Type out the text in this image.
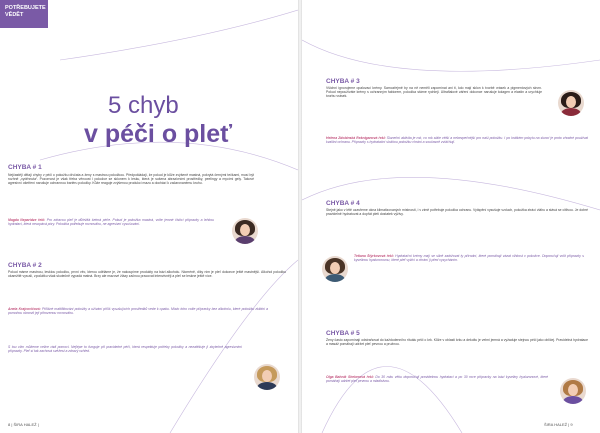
POTŘEBUJETE VĚDĚT
5 chyb
v péči o pleť
CHYBA # 1
Nejčastěji dělají chyby v péči o pokožku dívčata a ženy s mastnou pokožkou. Předpokládají, že pokud je kůže zvýšeně mastná, pokrytá černými tečkami, musí být rozhně „vydrhnuta“. Pozornost je však třeba věnovat i pokožce se sklonem k lesku, která je sušena abrazivními prostředky, peelingy a mycími gely. Takové agresivní ošetření narušuje ochrannou bariéru pokožky. Kůže reaguje zvýšenou produkcí mazu a dochází k začarovanému kruhu.
Magda Neparidze řekl: Pro zdravou pleť je důležitá šetrná péče. Pokud je pokožka mastná, volte jemné čisticí přípravky a lehkou hydrataci, která neucpává póry. Pokožka potřebuje rovnováhu, ne agresivní vysušování.
CHYBA # 2
Pokud máme mastnou, lesklou pokožku, první věc, kterou uděláme je, že nakoupíme produkty na bázi alkoholu. Nicméně, díky nim je pleť dokonce ještě mastnější. Alkohol pokožku okamžitě vysuší, zpočátku však skutečně vypadá matná. Brzy ale mazové žlázy začnou pracovat intenzivněji a pleť se leskne ještě více.
Aneta Krajcovičová: Přílišné mattifikování pokožky a užívání příliš vysušujících prostředků vede k opaku. Místo toho volte přípravky bez alkoholu, které pokožku zklidní a pomohou obnovit její přirozenou rovnováhu.
S tou vlím můžeme velice rádi pomoci. Nejlépe to funguje při pravidelné péči, která respektuje potřeby pokožky a nezatěžuje ji zbytečně agresivními přípravky. Pleť si tak zachová svěžest a zdravý vzhled.
8 | ŠIRA HALEŽ |
CHYBA # 3
Všichni ignorujeme opalovací krémy. Samozřejmě by na ně neměli zapomínat ani ti, kdo mají sklon k tvorbě vrásek a pigmentových skvrn. Pokud nepoužíváte krémy s ochranným faktorem, pokožka stárne rychleji. Ultrafialové záření dokonce narušuje kolagen a elastin a urychluje tvorbu vrásek.
Helena Zdobinská Rekniganová řekl: Sluneční aktivita je rok, co rok stále větší a nebezpečnější pro naši pokožku. I po krátkém pobytu na slunci je proto vhodné používat kvalitní ochranu. Přípravky s hydratační složkou pokožku chrání a současně zvláčňují.
CHYBA # 4
Stejně jako v létě uzavřeme okna klimatizovaných místností, i v zimě potřebuje pokožka ochranu. Vytápění vysušuje vzduch, pokožka ztrácí vláhu a stává se citlivou. Je dobré pravidelně hydratovat a dopřát pleti dostatek výživy.
Tetiana Štýrkovová řekl: Hydratační krémy mají se silně zadržovat ty přírodní, které pomáhají vázat vlhkost v pokožce. Doporučuji volit přípravky s kyselinou hyaluronovou, které pleť vyživí a chrání ji před vysycháním.
CHYBA # 5
Ženy často zapomínají odstraňovat do každodenního rituálu péči o krk. Kůže v oblasti krku a dekoltu je velmi jemná a vyžaduje stejnou péči jako obličej. Pravidelná hydratace a masáž pomáhají udržet pleť pevnou a pružnou.
Olga Bahník Shekerová řekl: Do 30 roku věku doporučuji pravidelnou hydrataci a po 30 roce přípravky na bázi kyseliny hyaluronové, které pomáhají udržet pleť pevnou a mladistvou.
ŠIRA HALEŽ | 9
